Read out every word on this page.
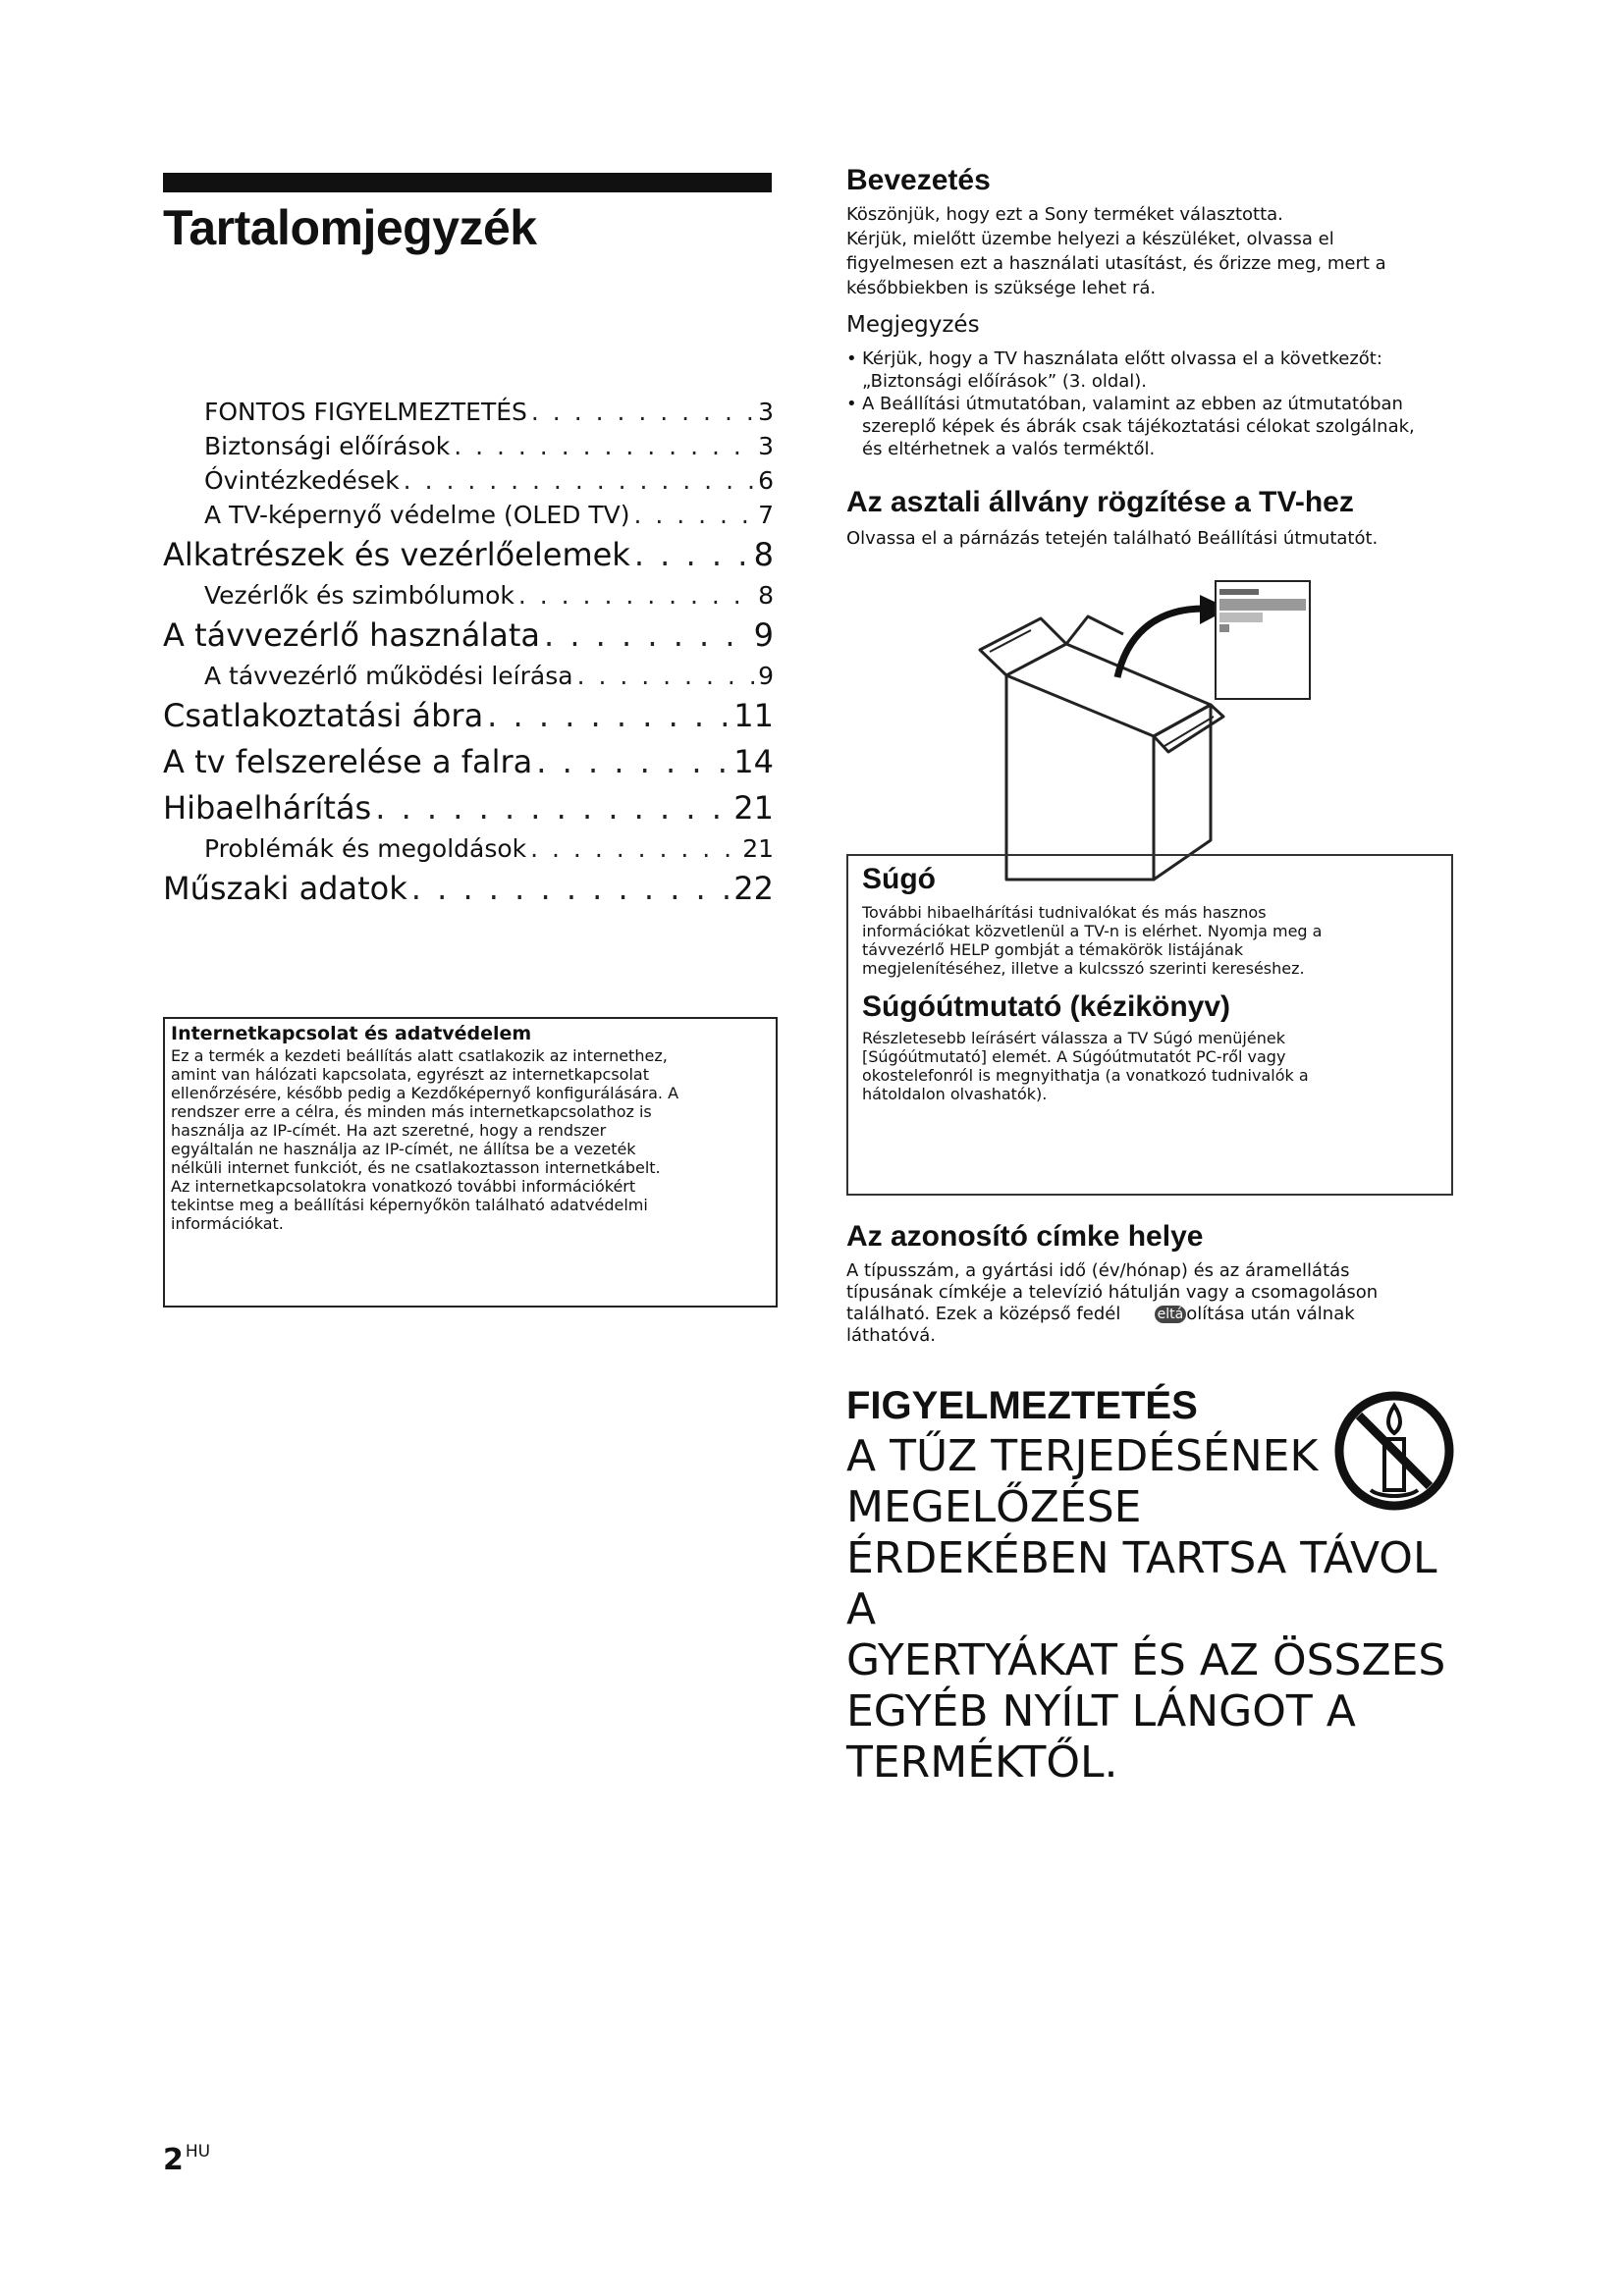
Tartalomjegyzék
FONTOS FIGYELMEZTETÉS . . .	3
Biztonsági előírások . . .	3
Óvintézkedések . . .	6
A TV-képernyő védelme (OLED TV) . . .	7
Alkatrészek és vezérlőelemek . . .	8
Vezérlők és szimbólumok . . .	8
A távvezérlő használata . . .	9
A távvezérlő működési leírása . . .	9
Csatlakoztatási ábra . . .	11
A tv felszerelése a falra . . .	14
Hibaelhárítás . . .	21
Problémák és megoldások . . .	21
Műszaki adatok . . .	22
Internetkapcsolat és adatvédelem
Ez a termék a kezdeti beállítás alatt csatlakozik az internethez,
amint van hálózati kapcsolata, egyrészt az internetkapcsolat
ellenőrzésére, később pedig a Kezdőképernyő konfigurálására. A
rendszer erre a célra, és minden más internetkapcsolathoz is
használja az IP-címét. Ha azt szeretné, hogy a rendszer
egyáltalán ne használja az IP-címét, ne állítsa be a vezeték
nélküli internet funkciót, és ne csatlakoztasson internetkábelt.
Az internetkapcsolatokra vonatkozó további információkért
tekintse meg a beállítási képernyőkön található adatvédelmi
információkat.
2 $^{HU}$
Bevezetés
Köszönjük, hogy ezt a Sony terméket választotta.
Kérjük, mielőtt üzembe helyezi a készüléket, olvassa el
figyelmesen ezt a használati utasítást, és őrizze meg, mert a
későbbiekben is szüksége lehet rá.
Megjegyzés
• Kérjük, hogy a TV használata előtt olvassa el a következőt:
„Biztonsági előírások” (3. oldal).
• A Beállítási útmutatóban, valamint az ebben az útmutatóban
szereplő képek és ábrák csak tájékoztatási célokat szolgálnak,
és eltérhetnek a valós terméktől.
Az asztali állvány rögzítése a TV-hez
Olvassa el a párnázás tetején található Beállítási útmutatót.
Súgó
További hibaelhárítási tudnivalókat és más hasznos
információkat közvetlenül a TV-n is elérhet. Nyomja meg a
távvezérlő HELP gombját a témakörök listájának
megjelenítéséhez, illetve a kulcsszó szerinti kereséshez.
Súgóútmutató (kézikönyv)
Részletesebb leírásért válassza a TV Súgó menüjének
[Súgóútmutató] elemét. A Súgóútmutatót PC-ről vagy
okostelefonról is megnyithatja (a vonatkozó tudnivalók a
hátoldalon olvashatók).
Az azonosító címke helye
A típusszám, a gyártási idő (év/hónap) és az áramellátás
típusának címkéje a televízió hátulján vagy a csomagoláson
található. Ezek a középső fedél	eltá olítása után válnak
láthatóvá.
FIGYELMEZTETÉS
A TŰZ TERJEDÉSÉNEK
MEGELŐZÉSE
ÉRDEKÉBEN TARTSA TÁVOL A
GYERTYÁKAT ÉS AZ ÖSSZES
EGYÉB NYÍLT LÁNGOT A
TERMÉKTŐL.
